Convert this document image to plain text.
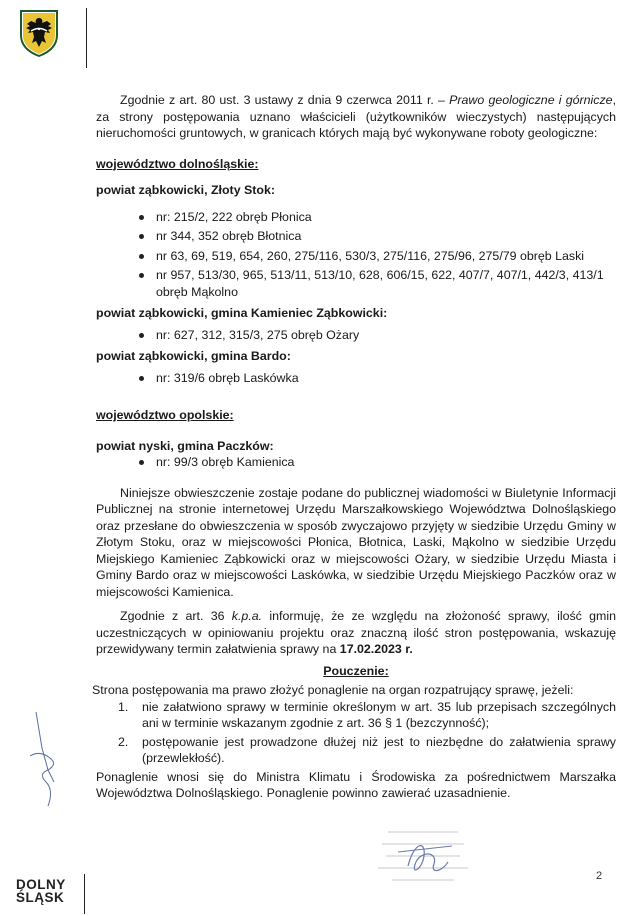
Zgodnie z art. 80 ust. 3 ustawy z dnia 9 czerwca 2011 r. – Prawo geologiczne i górnicze, za strony postępowania uznano właścicieli (użytkowników wieczystych) następujących nieruchomości gruntowych, w granicach których mają być wykonywane roboty geologiczne:

województwo dolnośląskie:

powiat ząbkowicki, Złoty Stok:

nr: 215/2, 222 obręb Płonica
nr 344, 352 obręb Błotnica
nr 63, 69, 519, 654, 260, 275/116, 530/3, 275/116, 275/96, 275/79 obręb Laski
nr 957, 513/30, 965, 513/11, 513/10, 628, 606/15, 622, 407/7, 407/1, 442/3, 413/1 obręb Mąkolno

powiat ząbkowicki, gmina Kamieniec Ząbkowicki:

nr: 627, 312, 315/3, 275 obręb Ożary

powiat ząbkowicki, gmina Bardo:

nr: 319/6 obręb Laskówka

województwo opolskie:

powiat nyski, gmina Paczków:

nr: 99/3 obręb Kamienica

Niniejsze obwieszczenie zostaje podane do publicznej wiadomości w Biuletynie Informacji Publicznej na stronie internetowej Urzędu Marszałkowskiego Województwa Dolnośląskiego oraz przesłane do obwieszczenia w sposób zwyczajowo przyjęty w siedzibie Urzędu Gminy w Złotym Stoku, oraz w miejscowości Płonica, Błotnica, Laski, Mąkolno w siedzibie Urzędu Miejskiego Kamieniec Ząbkowicki oraz w miejscowości Ożary, w siedzibie Urzędu Miasta i Gminy Bardo oraz w miejscowości Laskówka, w siedzibie Urzędu Miejskiego Paczków oraz w miejscowości Kamienica.

Zgodnie z art. 36 k.p.a. informuję, że ze względu na złożoność sprawy, ilość gmin uczestniczących w opiniowaniu projektu oraz znaczną ilość stron postępowania, wskazuję przewidywany termin załatwienia sprawy na 17.02.2023 r.

Pouczenie:

Strona postępowania ma prawo złożyć ponaglenie na organ rozpatrujący sprawę, jeżeli:

1. nie załatwiono sprawy w terminie określonym w art. 35 lub przepisach szczególnych ani w terminie wskazanym zgodnie z art. 36 § 1 (bezczynność);
2. postępowanie jest prowadzone dłużej niż jest to niezbędne do załatwienia sprawy (przewlekłość).

Ponaglenie wnosi się do Ministra Klimatu i Środowiska za pośrednictwem Marszałka Województwa Dolnośląskiego. Ponaglenie powinno zawierać uzasadnienie.

DOLNY
ŚLĄSK
2
